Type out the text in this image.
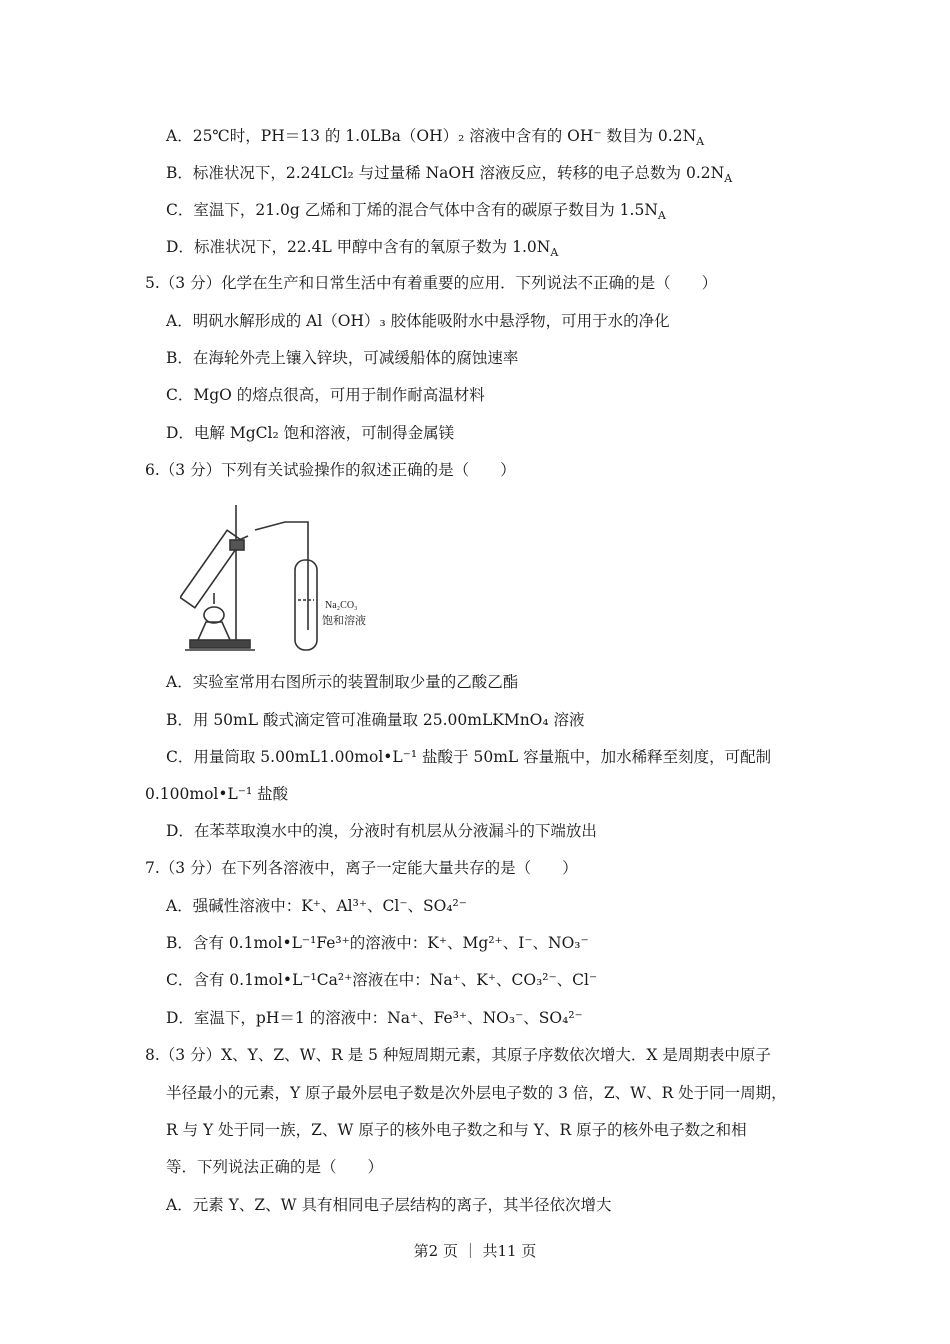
A．25℃时，PH＝13 的 1.0LBa（OH）₂ 溶液中含有的 OH⁻ 数目为 $0.2N_A$
B．标准状况下，2.24LCl₂ 与过量稀 NaOH 溶液反应，转移的电子总数为 $0.2N_A$
C．室温下，21.0g 乙烯和丁烯的混合气体中含有的碳原子数目为 $1.5N_A$
D．标准状况下，22.4L 甲醇中含有的氧原子数为 $1.0N_A$
5.（3 分）化学在生产和日常生活中有着重要的应用．下列说法不正确的是（　　）
A．明矾水解形成的 Al（OH）₃ 胶体能吸附水中悬浮物，可用于水的净化
B．在海轮外壳上镶入锌块，可减缓船体的腐蚀速率
C．MgO 的熔点很高，可用于制作耐高温材料
D．电解 MgCl₂ 饱和溶液，可制得金属镁
6.（3 分）下列有关试验操作的叙述正确的是（　　）
Na₂CO₃
饱和溶液
A．实验室常用右图所示的装置制取少量的乙酸乙酯
B．用 50mL 酸式滴定管可准确量取 25.00mLKMnO₄ 溶液
C．用量筒取 5.00mL1.00mol•L⁻¹ 盐酸于 50mL 容量瓶中，加水稀释至刻度，可配制
0.100mol•L⁻¹ 盐酸
D．在苯萃取溴水中的溴，分液时有机层从分液漏斗的下端放出
7.（3 分）在下列各溶液中，离子一定能大量共存的是（　　）
A．强碱性溶液中：K⁺、Al³⁺、Cl⁻、SO₄²⁻
B．含有 0.1mol•L⁻¹Fe³⁺的溶液中：K⁺、Mg²⁺、I⁻、NO₃⁻
C．含有 0.1mol•L⁻¹Ca²⁺溶液在中：Na⁺、K⁺、CO₃²⁻、Cl⁻
D．室温下，pH＝1 的溶液中：Na⁺、Fe³⁺、NO₃⁻、SO₄²⁻
8.（3 分）X、Y、Z、W、R 是 5 种短周期元素，其原子序数依次增大．X 是周期表中原子
半径最小的元素，Y 原子最外层电子数是次外层电子数的 3 倍，Z、W、R 处于同一周期，
R 与 Y 处于同一族，Z、W 原子的核外电子数之和与 Y、R 原子的核外电子数之和相
等．下列说法正确的是（　　）
A．元素 Y、Z、W 具有相同电子层结构的离子，其半径依次增大
第2 页 ｜ 共11 页
